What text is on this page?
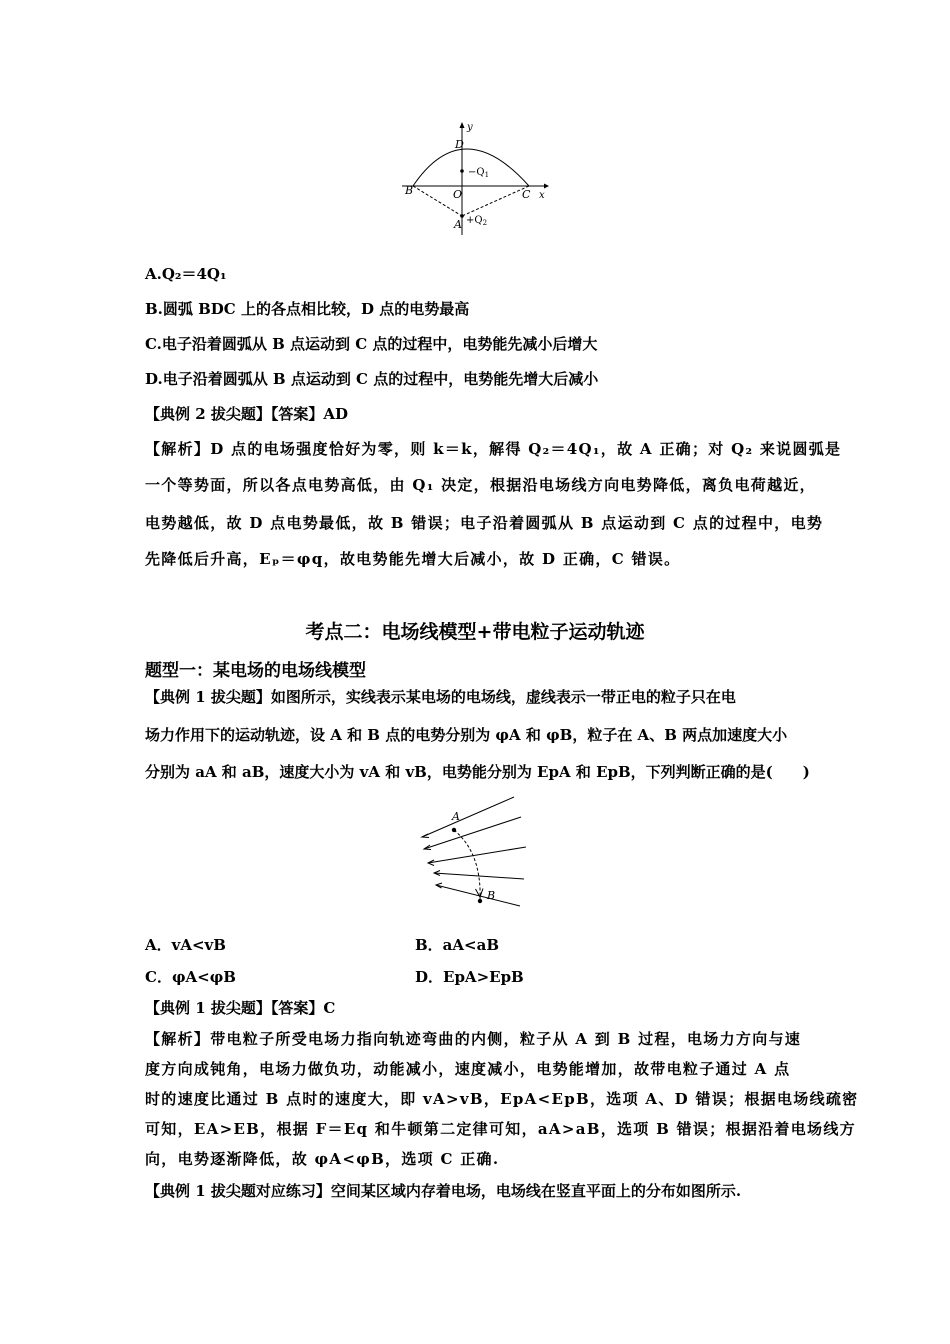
y
D
$-Q_1$
B	O	C x
$A +Q_2$
A.Q₂＝4Q₁
B.圆弧 BDC 上的各点相比较，D 点的电势最高
C.电子沿着圆弧从 B 点运动到 C 点的过程中，电势能先减小后增大
D.电子沿着圆弧从 B 点运动到 C 点的过程中，电势能先增大后减小
【典例 2 拔尖题】【答案】AD
【解析】D 点的电场强度恰好为零，则 k＝k，解得 Q₂＝4Q₁，故 A 正确；对 Q₂ 来说圆弧是
一个等势面，所以各点电势高低，由 Q₁ 决定，根据沿电场线方向电势降低，离负电荷越近，
电势越低，故 D 点电势最低，故 B 错误；电子沿着圆弧从 B 点运动到 C 点的过程中，电势
先降低后升高，Eₚ＝φq，故电势能先增大后减小，故 D 正确，C 错误。
考点二：电场线模型+带电粒子运动轨迹
题型一：某电场的电场线模型
【典例 1 拔尖题】如图所示，实线表示某电场的电场线，虚线表示一带正电的粒子只在电
场力作用下的运动轨迹，设 A 和 B 点的电势分别为 φA 和 φB，粒子在 A、B 两点加速度大小
分别为 aA 和 aB，速度大小为 vA 和 vB，电势能分别为 EpA 和 EpB，下列判断正确的是(　　)
A
B
A．vA<vB	B．aA<aB
C．φA<φB	D．EpA>EpB
【典例 1 拔尖题】【答案】C
【解析】带电粒子所受电场力指向轨迹弯曲的内侧，粒子从 A 到 B 过程，电场力方向与速
度方向成钝角，电场力做负功，动能减小，速度减小，电势能增加，故带电粒子通过 A 点
时的速度比通过 B 点时的速度大，即 vA>vB，EpA<EpB，选项 A、D 错误；根据电场线疏密
可知，EA>EB，根据 F＝Eq 和牛顿第二定律可知，aA>aB，选项 B 错误；根据沿着电场线方
向，电势逐渐降低，故 φA<φB，选项 C 正确.
【典例 1 拔尖题对应练习】空间某区域内存着电场，电场线在竖直平面上的分布如图所示.
